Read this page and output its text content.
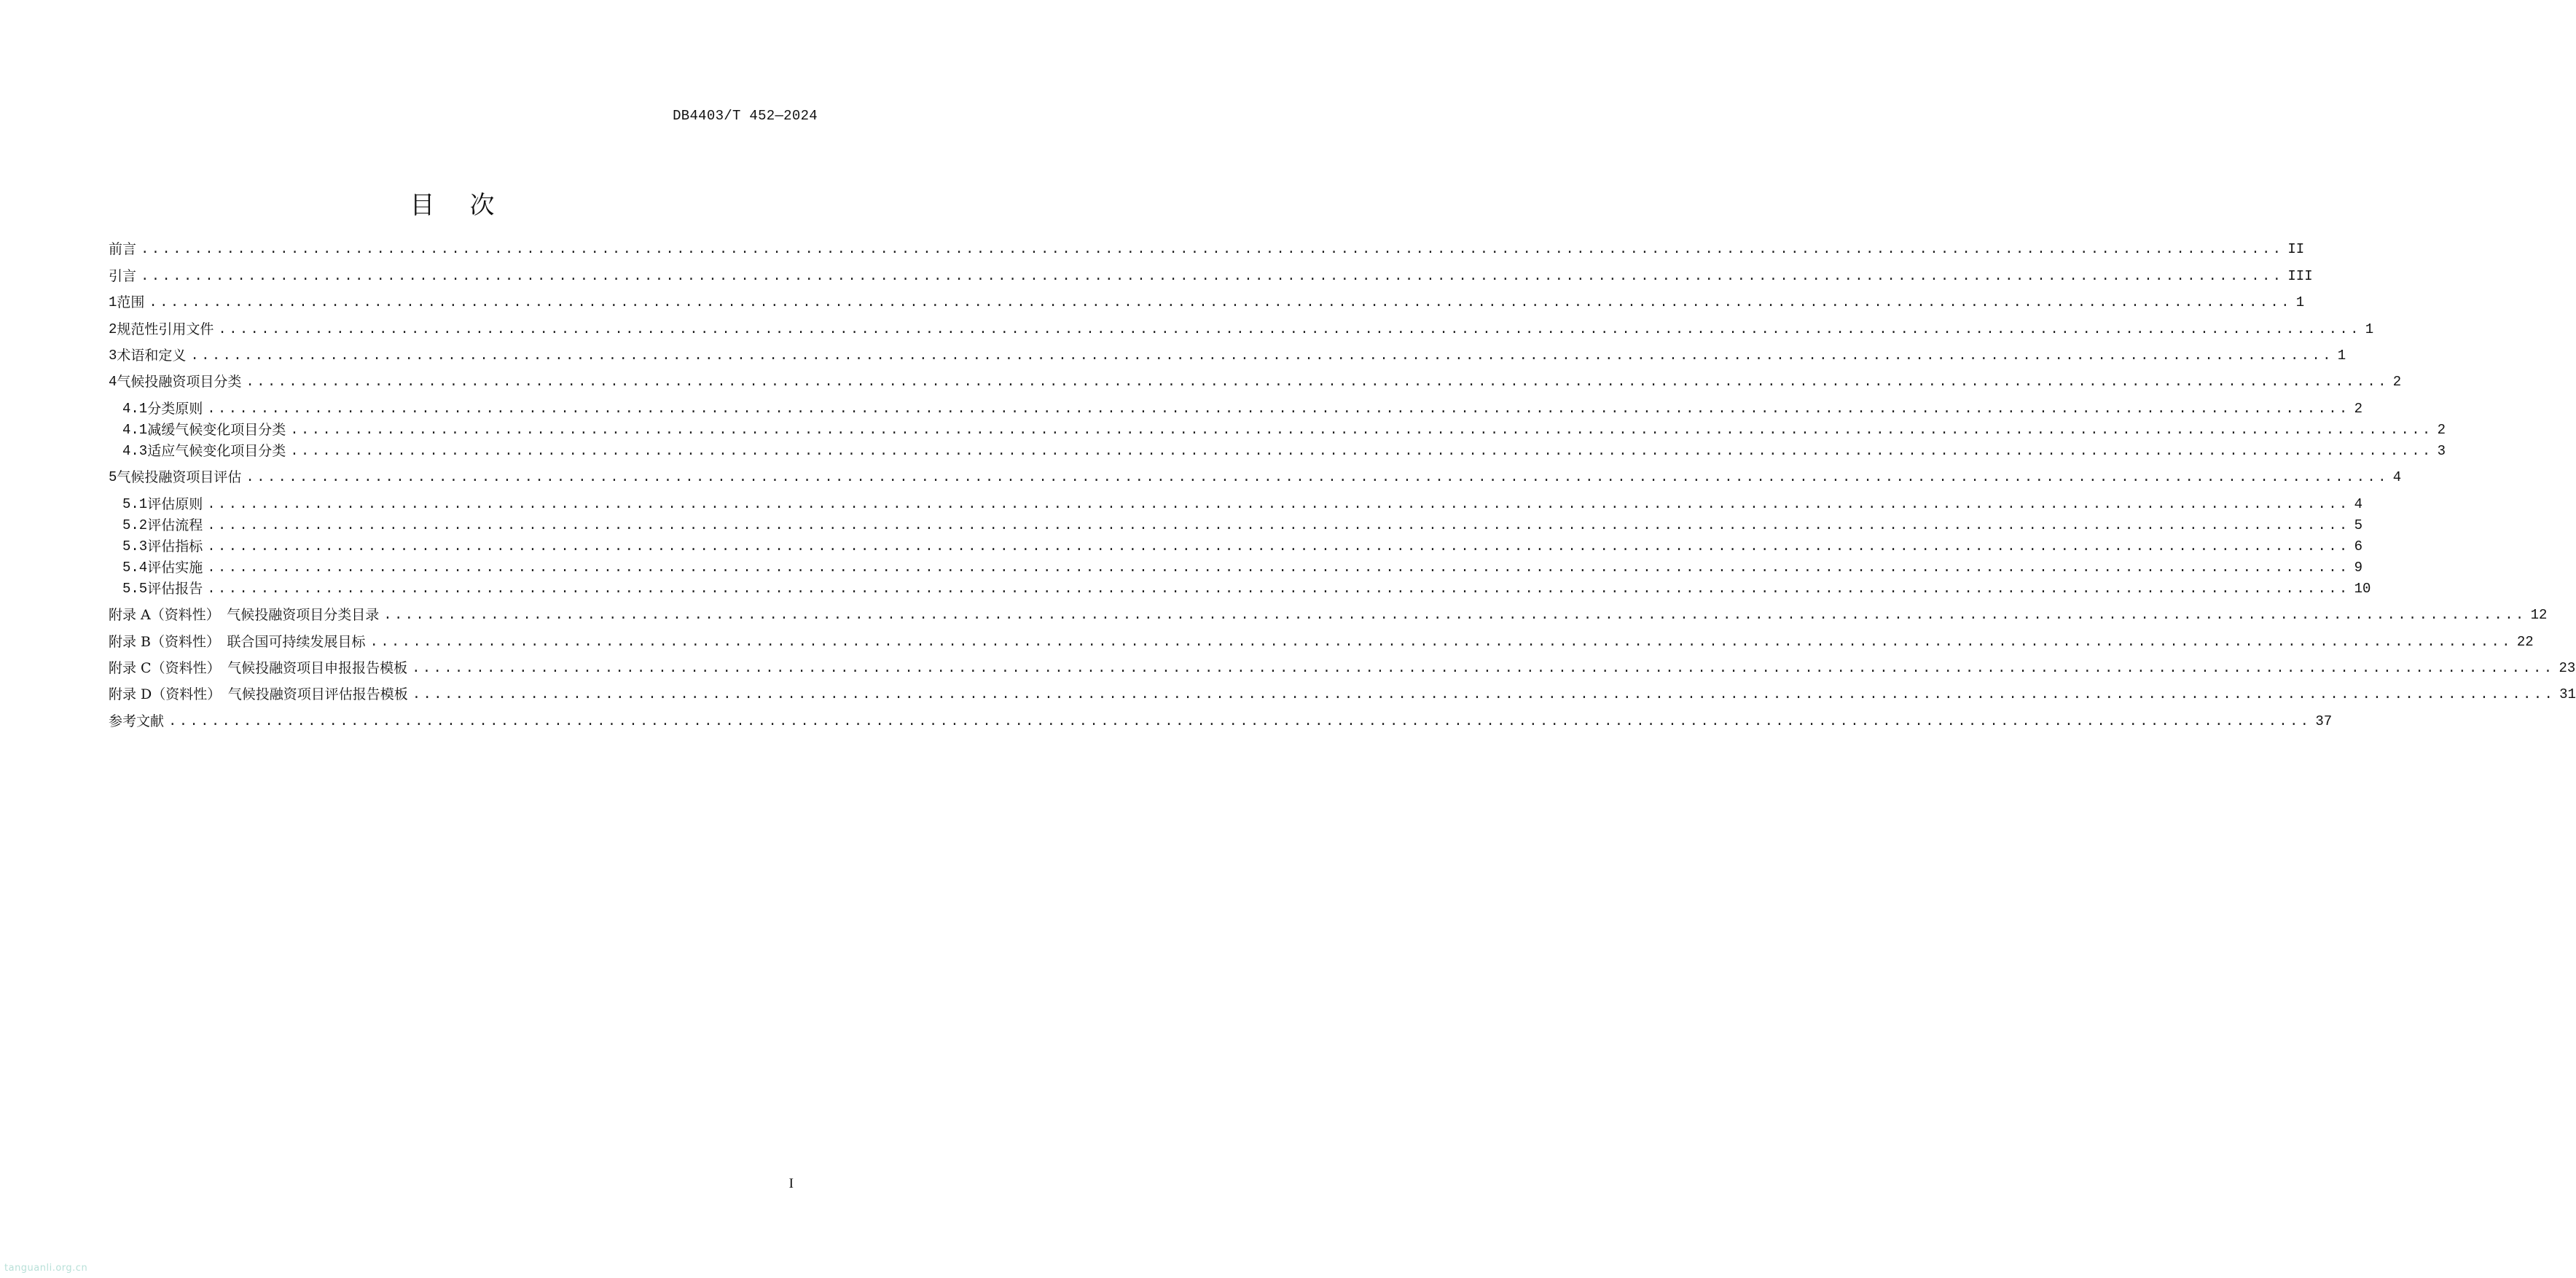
DB4403/T 452—2024
目次
前言 ........................................................................................................................................................................................................ II
引言 ........................................................................................................................................................................................................ III
1 范围 ........................................................................................................................................................................................................ 1
2 规范性引用文件 ........................................................................................................................................................................................................ 1
3 术语和定义 ........................................................................................................................................................................................................ 1
4 气候投融资项目分类 ........................................................................................................................................................................................................ 2
4.1 分类原则 ........................................................................................................................................................................................................ 2
4.1 减缓气候变化项目分类 ........................................................................................................................................................................................................ 2
4.3 适应气候变化项目分类 ........................................................................................................................................................................................................ 3
5 气候投融资项目评估 ........................................................................................................................................................................................................ 4
5.1 评估原则 ........................................................................................................................................................................................................ 4
5.2 评估流程 ........................................................................................................................................................................................................ 5
5.3 评估指标 ........................................................................................................................................................................................................ 6
5.4 评估实施 ........................................................................................................................................................................................................ 9
5.5 评估报告 ........................................................................................................................................................................................................ 10
附录 A（资料性）　气候投融资项目分类目录 ........................................................................................................................................................................................................ 12
附录 B（资料性）　联合国可持续发展目标 ........................................................................................................................................................................................................ 22
附录 C（资料性）　气候投融资项目申报报告模板 ........................................................................................................................................................................................................ 23
附录 D（资料性）　气候投融资项目评估报告模板 ........................................................................................................................................................................................................ 31
参考文献 ........................................................................................................................................................................................................ 37
I
tanguanli.org.cn
